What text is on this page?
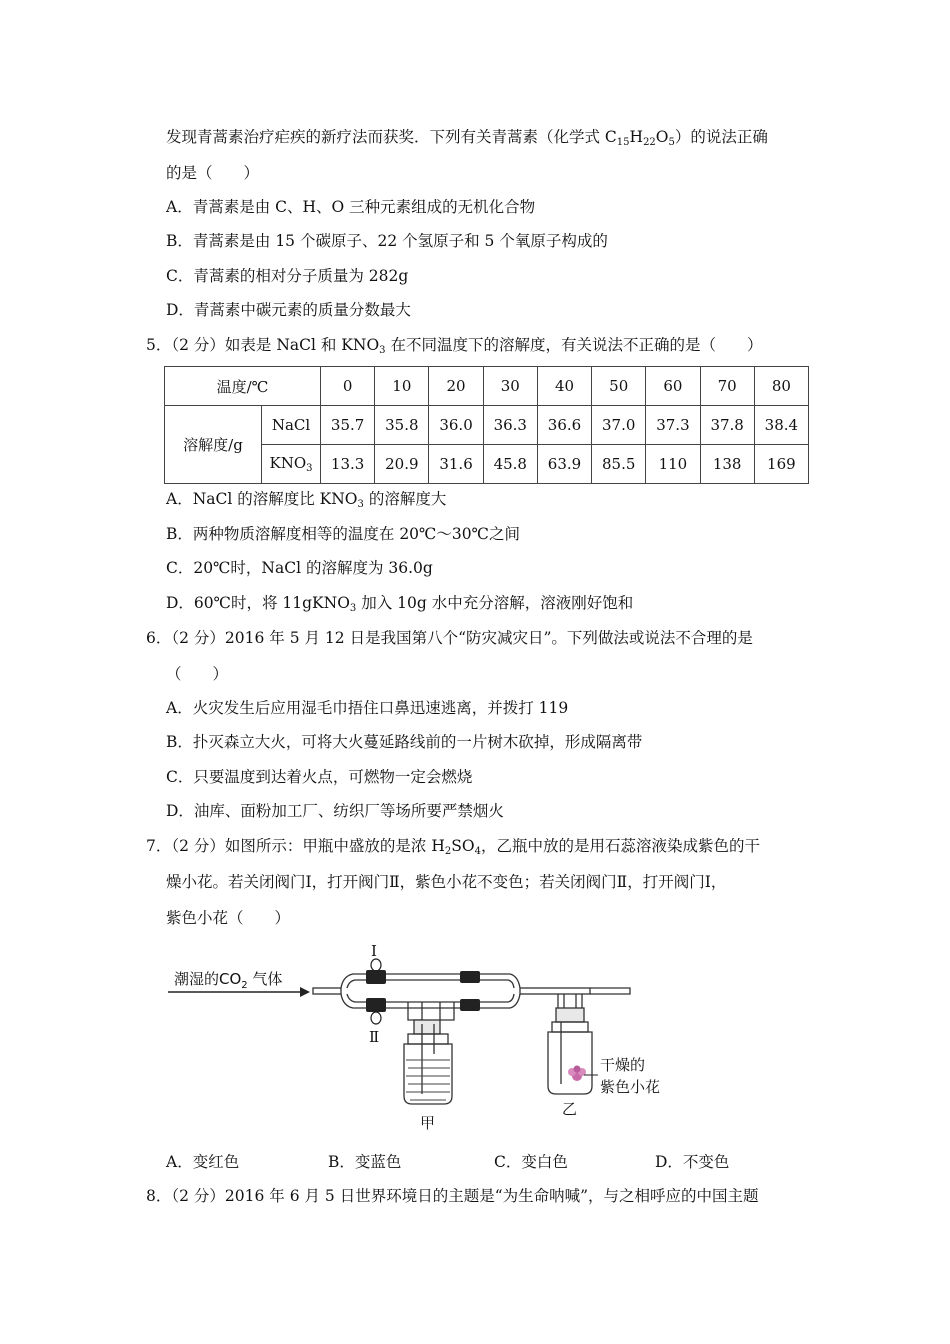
发现青蒿素治疗疟疾的新疗法而获奖．下列有关青蒿素（化学式 $C_{15}H_{22}O_5$）的说法正确
的是（　　）
A．青蒿素是由 C、H、O 三种元素组成的无机化合物
B．青蒿素是由 15 个碳原子、22 个氢原子和 5 个氧原子构成的
C．青蒿素的相对分子质量为 282g
D．青蒿素中碳元素的质量分数最大
5．（2 分）如表是 NaCl 和 $KNO_3$ 在不同温度下的溶解度，有关说法不正确的是（　　）
温度/℃		0	10	20	30	40	50	60	70	80
溶解度/g	NaCl	35.7	35.8	36.0	36.3	36.6	37.0	37.3	37.8	38.4
	$KNO_3$	13.3	20.9	31.6	45.8	63.9	85.5	110	138	169
A．NaCl 的溶解度比 $KNO_3$ 的溶解度大
B．两种物质溶解度相等的温度在 20℃～30℃之间
C．20℃时，NaCl 的溶解度为 36.0g
D．60℃时，将 11gKNO$_3$ 加入 10g 水中充分溶解，溶液刚好饱和
6．（2 分）2016 年 5 月 12 日是我国第八个“防灾减灾日”。下列做法或说法不合理的是
（　　）
A．火灾发生后应用湿毛巾捂住口鼻迅速逃离，并拨打 119
B．扑灭森立大火，可将大火蔓延路线前的一片树木砍掉，形成隔离带
C．只要温度到达着火点，可燃物一定会燃烧
D．油库、面粉加工厂、纺织厂等场所要严禁烟火
7．（2 分）如图所示：甲瓶中盛放的是浓 $H_2SO_4$，乙瓶中放的是用石蕊溶液染成紫色的干
燥小花。若关闭阀门Ⅰ，打开阀门Ⅱ，紫色小花不变色；若关闭阀门Ⅱ，打开阀门Ⅰ，
紫色小花（　　）
潮湿的$CO_2$ 气体
Ⅰ
Ⅱ
干燥的
紫色小花
甲
乙
A．变红色	B．变蓝色	C．变白色	D．不变色
8．（2 分）2016 年 6 月 5 日世界环境日的主题是“为生命呐喊”，与之相呼应的中国主题
